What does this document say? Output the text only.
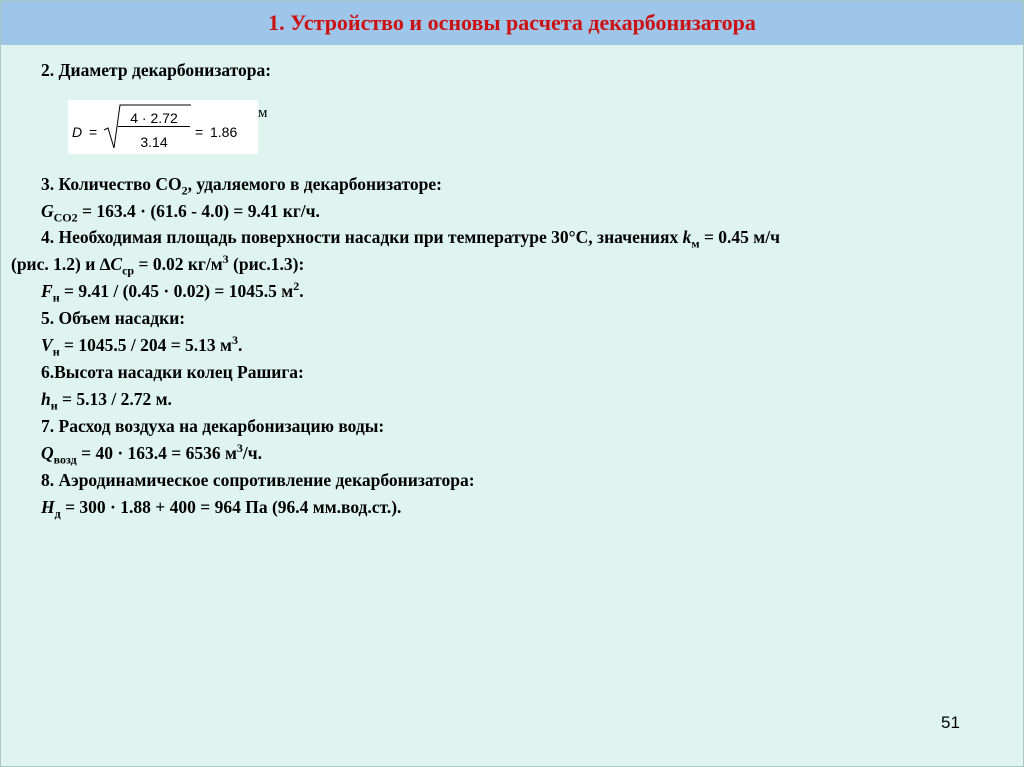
1. Устройство и основы расчета декарбонизатора
2. Диаметр декарбонизатора:
D =
4 · 2.72
3.14
= 1.86
м
3. Количество $СО_2$, удаляемого в декарбонизаторе:
$G_{CO2} = 163.4 \cdot (61.6 - 4.0) = 9.41$ кг/ч.
4. Необходимая площадь поверхности насадки при температуре 30°С, значениях $k_м = 0.45$ м/ч
(рис. 1.2) и $\Delta C_{ср} = 0.02$ $кг/м^3$ (рис.1.3):
$F_н = 9.41 / (0.45 \cdot 0.02) = 1045.5$ $м^2$.
5. Объем насадки:
$V_н = 1045.5 / 204 = 5.13$ $м^3$.
6.Высота насадки колец Рашига:
$h_н = 5.13 / 2.72$ м.
7. Расход воздуха на декарбонизацию воды:
$Q_{возд} = 40 \cdot 163.4 = 6536$ $м^3/ч$.
8. Аэродинамическое сопротивление декарбонизатора:
$H_д = 300 \cdot 1.88 + 400 = 964$ Па (96.4 мм.вод.ст.).
51
